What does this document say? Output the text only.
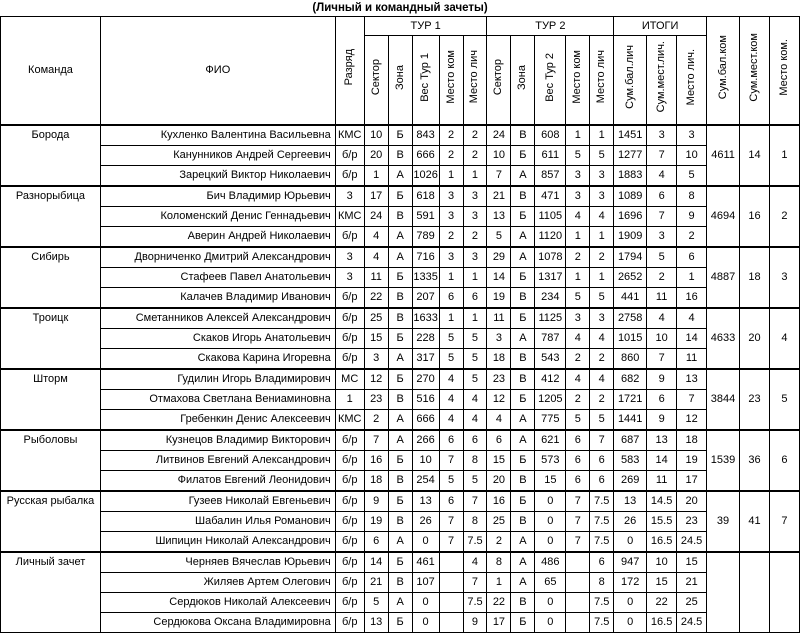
(Личный и командный зачеты)
Команда	ФИО	Разряд	ТУР 1					ТУР 2					ИТОГИ			Сум.бал.ком	Сум.мест.ком	Место ком.
			Сектор	Зона	Вес Тур 1	Место ком	Место лич	Сектор	Зона	Вес Тур 2	Место ком	Место лич	Сум.бал.лич	Сум.мест.лич.	Место лич.			
Борода	Кухленко Валентина Васильевна	КМС	10	Б	843	2	2	24	В	608	1	1	1451	3	3	4611	14	1
	Канунников Андрей Сергеевич	б/р	20	В	666	2	2	10	Б	611	5	5	1277	7	10			
	Зарецкий Виктор Николаевич	б/р	1	А	1026	1	1	7	А	857	3	3	1883	4	5			
Разнорыбица	Бич Владимир Юрьевич	3	17	Б	618	3	3	21	В	471	3	3	1089	6	8	4694	16	2
	Коломенский Денис Геннадьевич	КМС	24	В	591	3	3	13	Б	1105	4	4	1696	7	9			
	Аверин Андрей Николаевич	б/р	4	А	789	2	2	5	А	1120	1	1	1909	3	2			
Сибирь	Дворниченко Дмитрий Александрович	3	4	А	716	3	3	29	А	1078	2	2	1794	5	6	4887	18	3
	Стафеев Павел Анатольевич	3	11	Б	1335	1	1	14	Б	1317	1	1	2652	2	1			
	Калачев Владимир Иванович	б/р	22	В	207	6	6	19	В	234	5	5	441	11	16			
Троицк	Сметанников Алексей Александрович	б/р	25	В	1633	1	1	11	Б	1125	3	3	2758	4	4	4633	20	4
	Скаков Игорь Анатольевич	б/р	15	Б	228	5	5	3	А	787	4	4	1015	10	14			
	Скакова Карина Игоревна	б/р	3	А	317	5	5	18	В	543	2	2	860	7	11			
Шторм	Гудилин Игорь Владимирович	МС	12	Б	270	4	5	23	В	412	4	4	682	9	13	3844	23	5
	Отмахова Светлана Вениаминовна	1	23	В	516	4	4	12	Б	1205	2	2	1721	6	7			
	Гребенкин Денис Алексеевич	КМС	2	А	666	4	4	4	А	775	5	5	1441	9	12			
Рыболовы	Кузнецов Владимир Викторович	б/р	7	А	266	6	6	6	А	621	6	7	687	13	18	1539	36	6
	Литвинов Евгений Александрович	б/р	16	Б	10	7	8	15	Б	573	6	6	583	14	19			
	Филатов Евгений Леонидович	б/р	18	В	254	5	5	20	В	15	6	6	269	11	17			
Русская рыбалка	Гузеев Николай Евгеньевич	б/р	9	Б	13	6	7	16	Б	0	7	7.5	13	14.5	20	39	41	7
	Шабалин Илья Романович	б/р	19	В	26	7	8	25	В	0	7	7.5	26	15.5	23			
	Шипицин Николай Александрович	б/р	6	А	0	7	7.5	2	А	0	7	7.5	0	16.5	24.5			
Личный зачет	Черняев Вячеслав Юрьевич	б/р	14	Б	461		4	8	А	486		6	947	10	15			
	Жиляев Артем Олегович	б/р	21	В	107		7	1	А	65		8	172	15	21			
	Сердюков Николай Алексеевич	б/р	5	А	0		7.5	22	В	0		7.5	0	22	25			
	Сердюкова Оксана Владимировна	б/р	13	Б	0		9	17	Б	0		7.5	0	16.5	24.5			
